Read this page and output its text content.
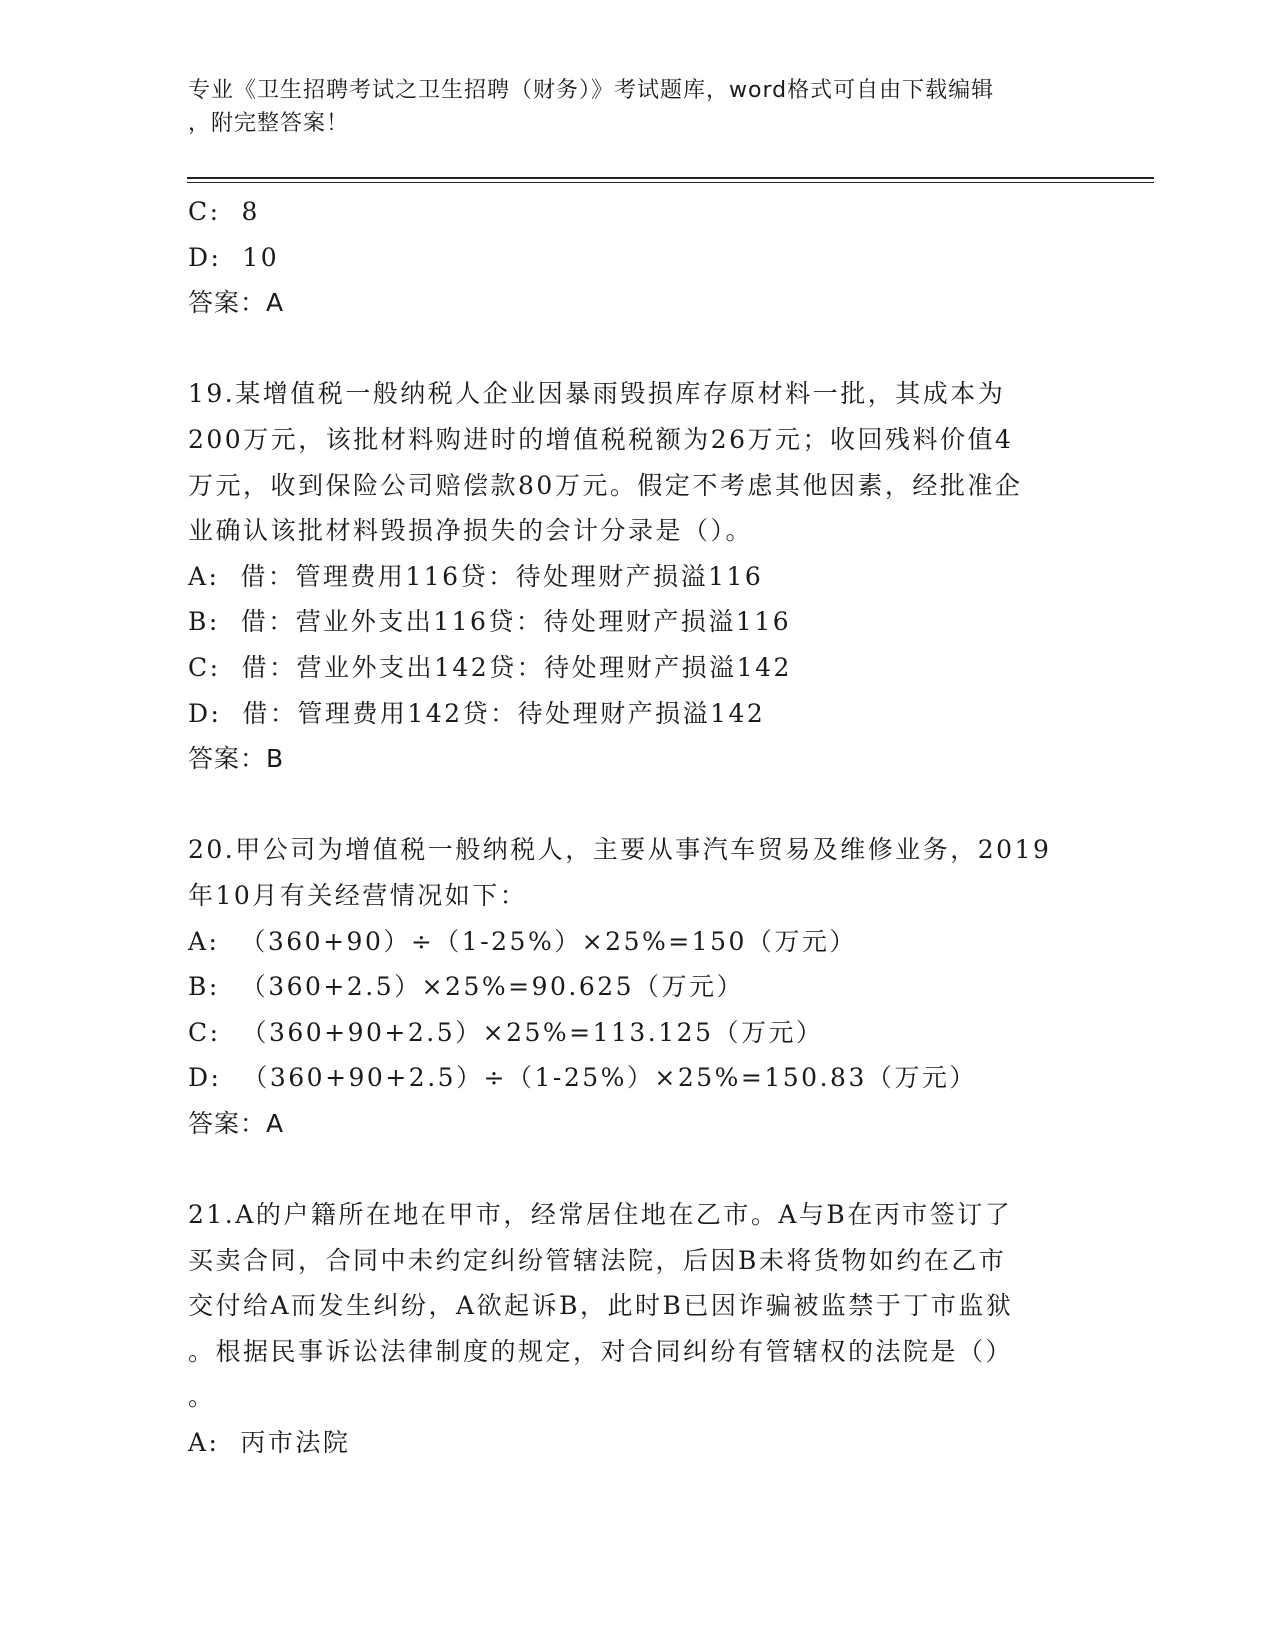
专业《卫生招聘考试之卫生招聘（财务）》考试题库，word格式可自由下载编辑
，附完整答案！
C:  8
D:  10
答案：A
19.某增值税一般纳税人企业因暴雨毁损库存原材料一批，其成本为
200万元，该批材料购进时的增值税税额为26万元；收回残料价值4
万元，收到保险公司赔偿款80万元。假定不考虑其他因素，经批准企
业确认该批材料毁损净损失的会计分录是（）。
A:  借：管理费用116贷：待处理财产损溢116
B:  借：营业外支出116贷：待处理财产损溢116
C:  借：营业外支出142贷：待处理财产损溢142
D:  借：管理费用142贷：待处理财产损溢142
答案：B
20.甲公司为增值税一般纳税人，主要从事汽车贸易及维修业务，2019
年10月有关经营情况如下：
A:  （360+90）÷（1-25%）×25%=150（万元）
B:  （360+2.5）×25%=90.625（万元）
C:  （360+90+2.5）×25%=113.125（万元）
D:  （360+90+2.5）÷（1-25%）×25%=150.83（万元）
答案：A
21.A的户籍所在地在甲市，经常居住地在乙市。A与B在丙市签订了
买卖合同，合同中未约定纠纷管辖法院，后因B未将货物如约在乙市
交付给A而发生纠纷，A欲起诉B，此时B已因诈骗被监禁于丁市监狱
。根据民事诉讼法律制度的规定，对合同纠纷有管辖权的法院是（）
。
A:  丙市法院
